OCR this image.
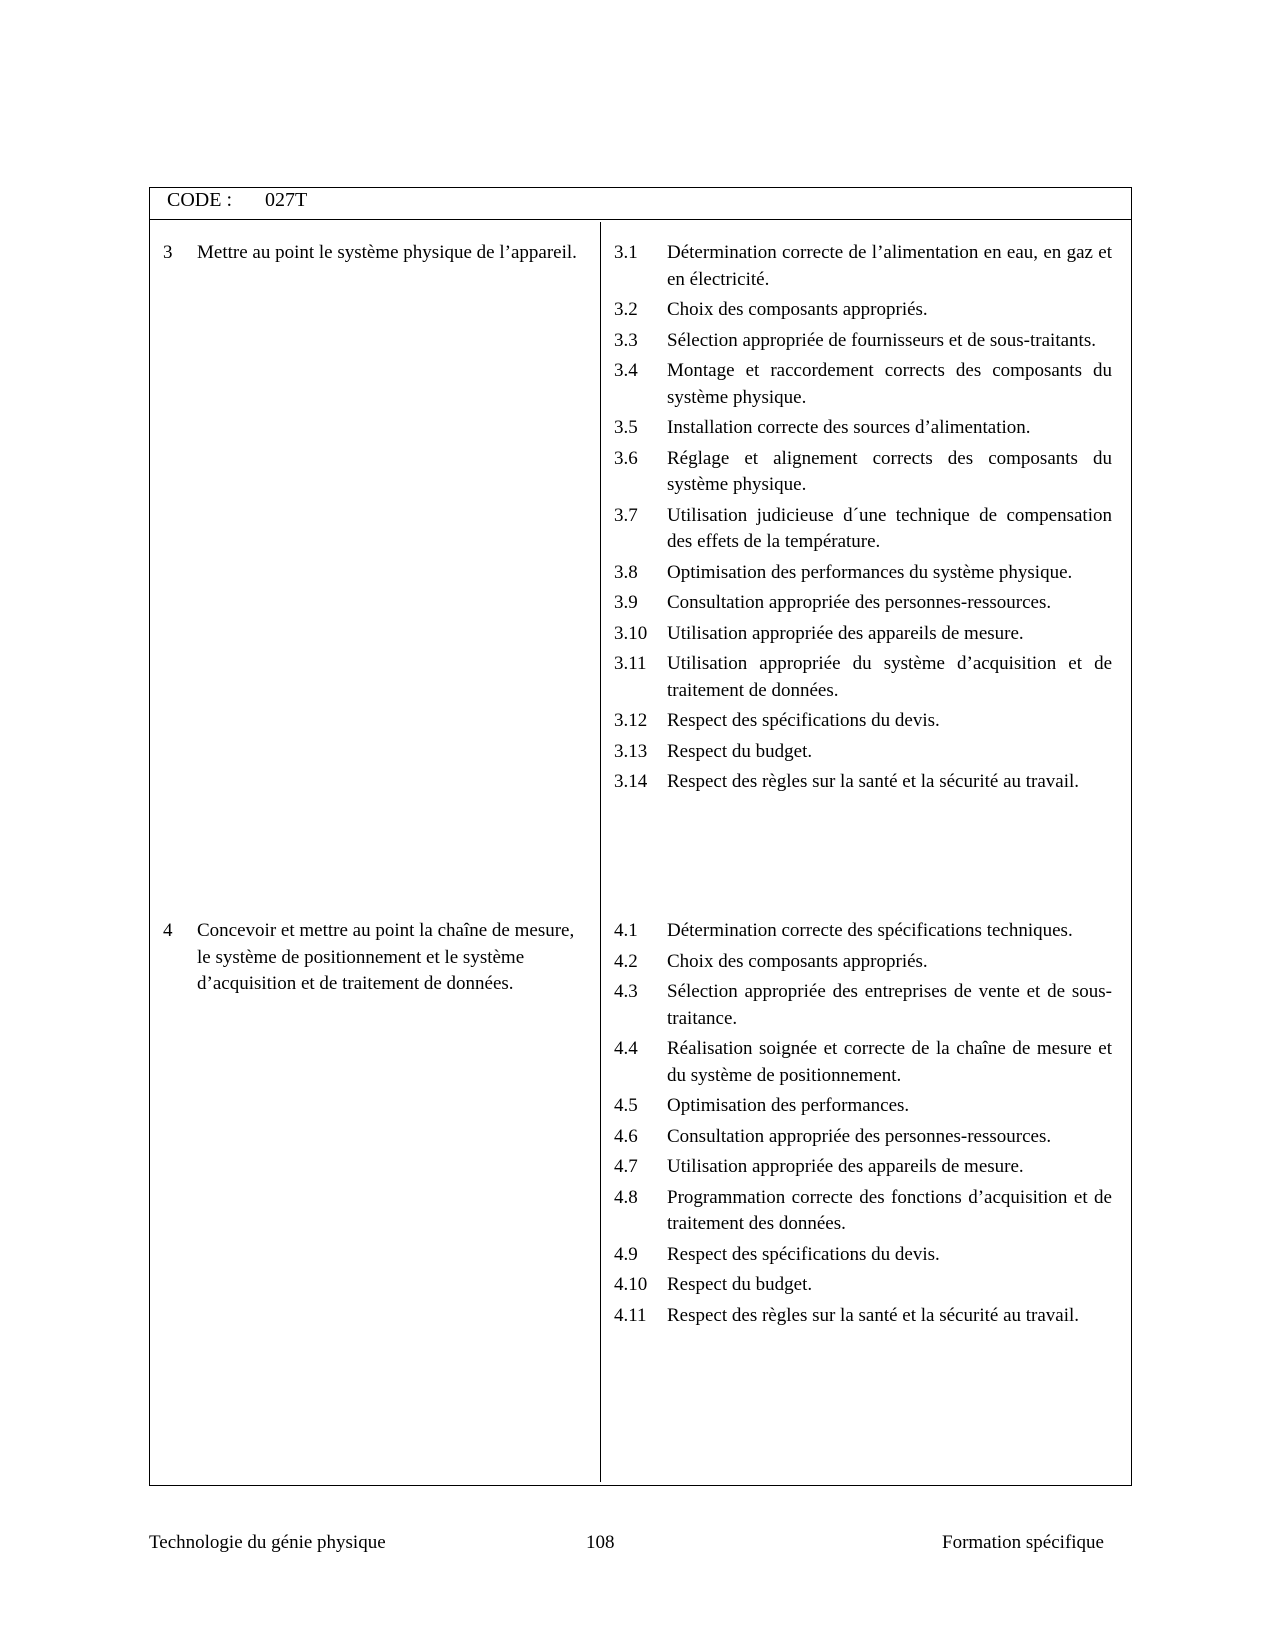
CODE : 027T
3 Mettre au point le système physique de l’appareil.	3.1	Détermination correcte de l’alimentation en eau, en gaz et en électricité.
3.2	Choix des composants appropriés.
3.3	Sélection appropriée de fournisseurs et de sous-traitants.
3.4	Montage et raccordement corrects des composants du système physique.
3.5	Installation correcte des sources d’alimentation.
3.6	Réglage et alignement corrects des composants du système physique.
3.7	Utilisation judicieuse d´une technique de compensation des effets de la température.
3.8	Optimisation des performances du système physique.
3.9	Consultation appropriée des personnes-ressources.
3.10	Utilisation appropriée des appareils de mesure.
3.11	Utilisation appropriée du système d’acquisition et de traitement de données.
3.12	Respect des spécifications du devis.
3.13	Respect du budget.
3.14	Respect des règles sur la santé et la sécurité au travail.
4 Concevoir et mettre au point la chaîne de mesure, le système de positionnement et le système d’acquisition et de traitement de données.
4.1	Détermination correcte des spécifications techniques.
4.2	Choix des composants appropriés.
4.3	Sélection appropriée des entreprises de vente et de sous-traitance.
4.4	Réalisation soignée et correcte de la chaîne de mesure et du système de positionnement.
4.5	Optimisation des performances.
4.6	Consultation appropriée des personnes-ressources.
4.7	Utilisation appropriée des appareils de mesure.
4.8	Programmation correcte des fonctions d’acquisition et de traitement des données.
4.9	Respect des spécifications du devis.
4.10	Respect du budget.
4.11	Respect des règles sur la santé et la sécurité au travail.
Technologie du génie physique	108	Formation spécifique
